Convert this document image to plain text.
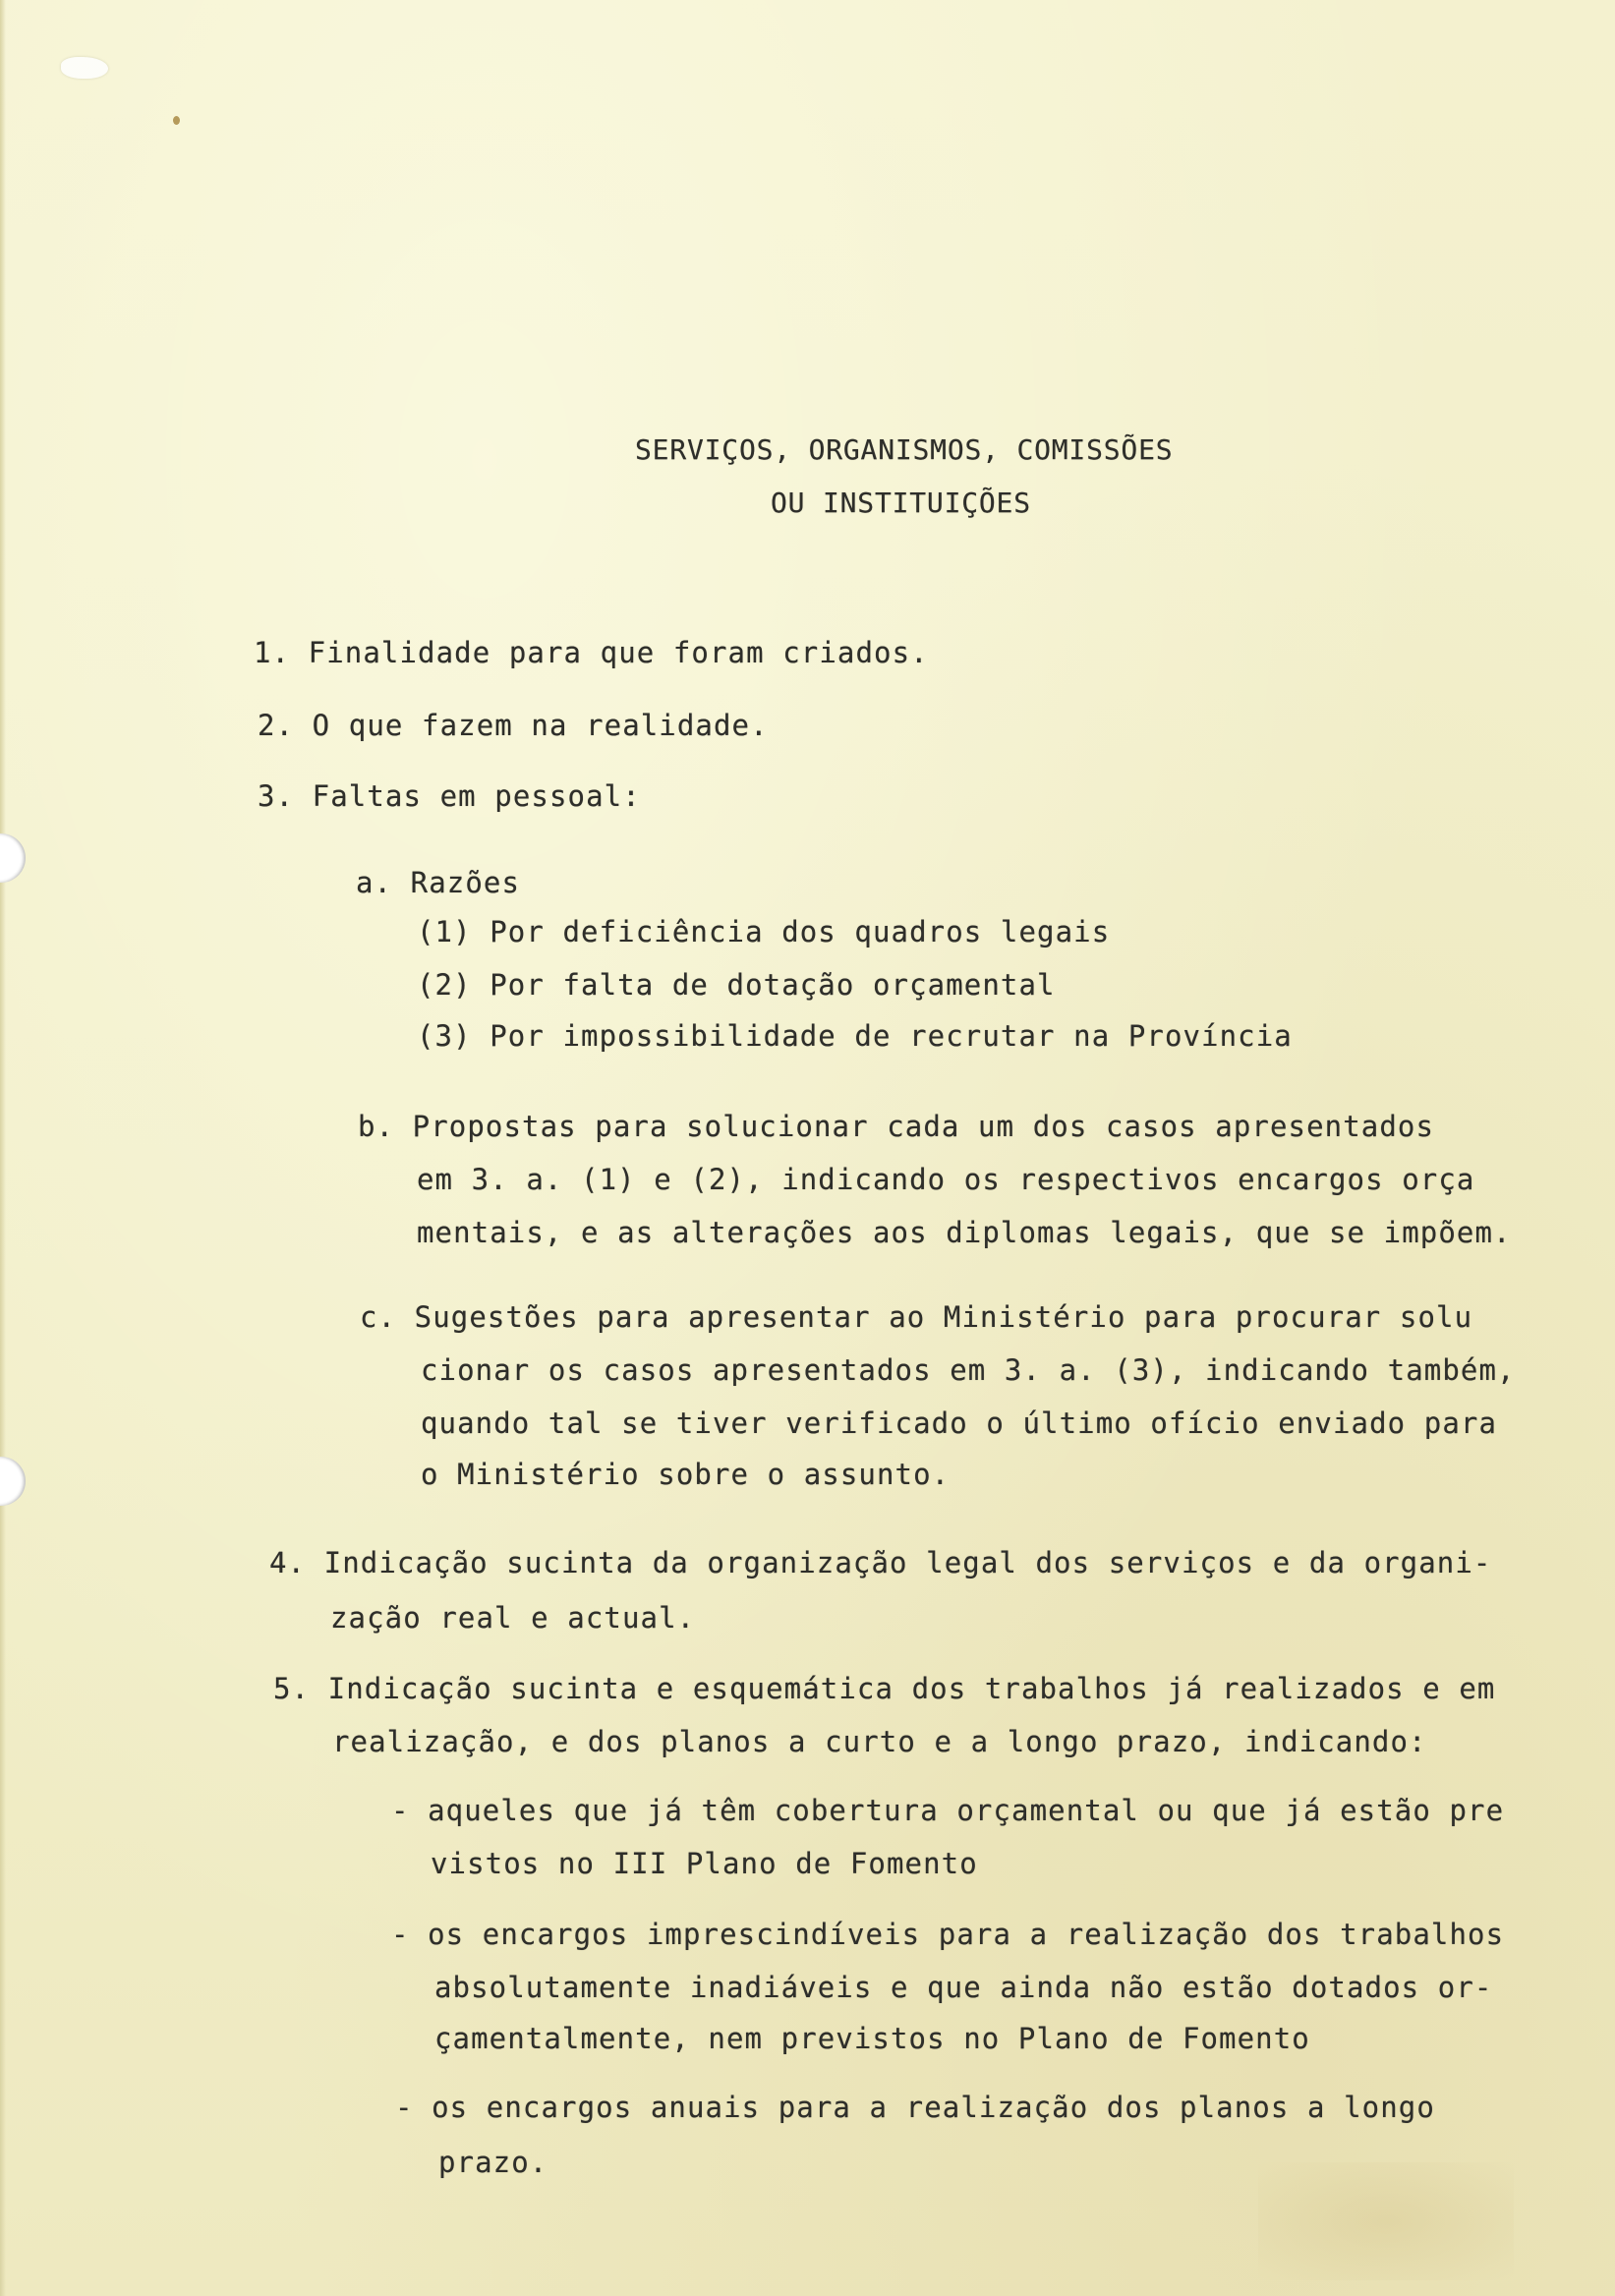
SERVIÇOS, ORGANISMOS, COMISSÕES
OU INSTITUIÇÕES
1. Finalidade para que foram criados.
2. O que fazem na realidade.
3. Faltas em pessoal:
a. Razões
(1) Por deficiência dos quadros legais
(2) Por falta de dotação orçamental
(3) Por impossibilidade de recrutar na Província
b. Propostas para solucionar cada um dos casos apresentados
em 3. a. (1) e (2), indicando os respectivos encargos orça
mentais, e as alterações aos diplomas legais, que se impõem.
c. Sugestões para apresentar ao Ministério para procurar solu
cionar os casos apresentados em 3. a. (3), indicando também,
quando tal se tiver verificado o último ofício enviado para
o Ministério sobre o assunto.
4. Indicação sucinta da organização legal dos serviços e da organi-
zação real e actual.
5. Indicação sucinta e esquemática dos trabalhos já realizados e em
realização, e dos planos a curto e a longo prazo, indicando:
- aqueles que já têm cobertura orçamental ou que já estão pre
vistos no III Plano de Fomento
- os encargos imprescindíveis para a realização dos trabalhos
absolutamente inadiáveis e que ainda não estão dotados or-
çamentalmente, nem previstos no Plano de Fomento
- os encargos anuais para a realização dos planos a longo
prazo.
